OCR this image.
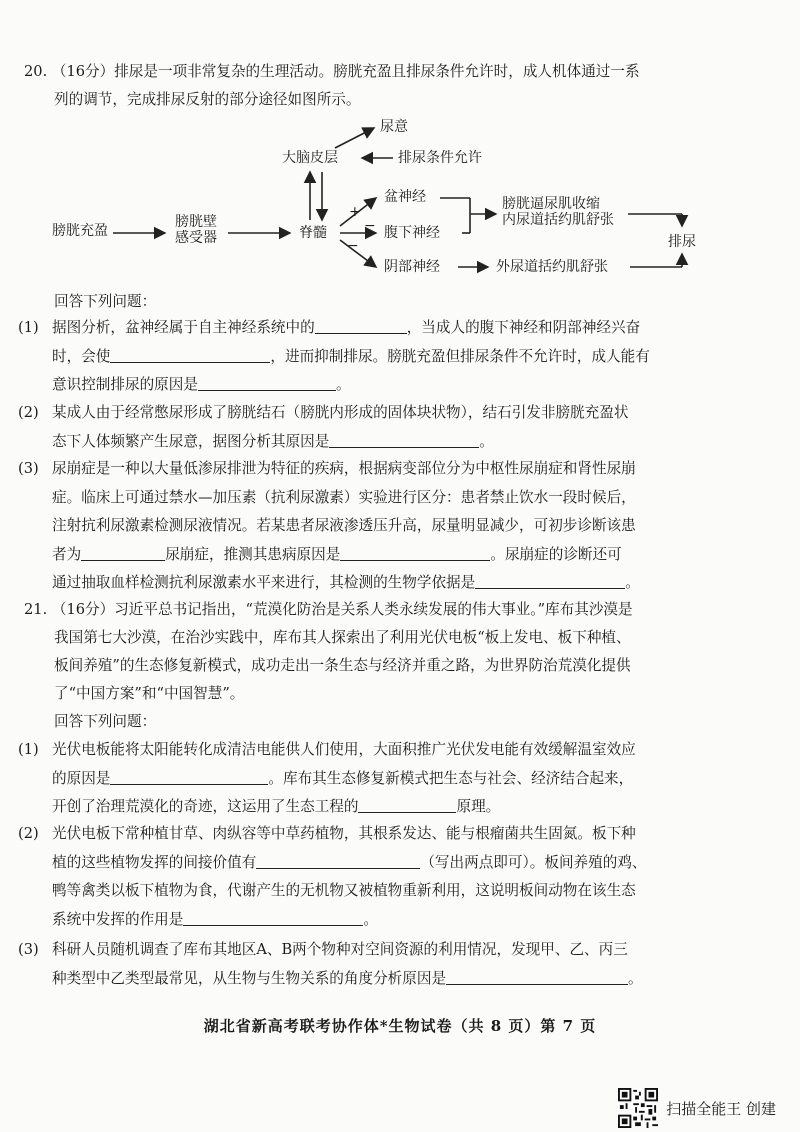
20. （16分）排尿是一项非常复杂的生理活动。膀胱充盈且排尿条件允许时，成人机体通过一系
列的调节，完成排尿反射的部分途径如图所示。
膀胱充盈
膀胱壁
感受器	脊髓
大脑皮层
尿意
排尿条件允许
盆神经
腹下神经
阴部神经
膀胱逼尿肌收缩
内尿道括约肌舒张
外尿道括约肌舒张
排尿
+
−
−
回答下列问题：
(1) 据图分析，盆神经属于自主神经系统中的	，当成人的腹下神经和阴部神经兴奋
时，会使	，进而抑制排尿。膀胱充盈但排尿条件不允许时，成人能有
意识控制排尿的原因是	。
(2) 某成人由于经常憋尿形成了膀胱结石（膀胱内形成的固体块状物），结石引发非膀胱充盈状
态下人体频繁产生尿意，据图分析其原因是	。
(3) 尿崩症是一种以大量低渗尿排泄为特征的疾病，根据病变部位分为中枢性尿崩症和肾性尿崩
症。临床上可通过禁水—加压素（抗利尿激素）实验进行区分：患者禁止饮水一段时候后，
注射抗利尿激素检测尿液情况。若某患者尿液渗透压升高，尿量明显减少，可初步诊断该患
者为	尿崩症，推测其患病原因是	。尿崩症的诊断还可
通过抽取血样检测抗利尿激素水平来进行，其检测的生物学依据是	。
21. （16分）习近平总书记指出，“荒漠化防治是关系人类永续发展的伟大事业。”库布其沙漠是
我国第七大沙漠，在治沙实践中，库布其人探索出了利用光伏电板“板上发电、板下种植、
板间养殖”的生态修复新模式，成功走出一条生态与经济并重之路，为世界防治荒漠化提供
了“中国方案”和“中国智慧”。
回答下列问题：
(1) 光伏电板能将太阳能转化成清洁电能供人们使用，大面积推广光伏发电能有效缓解温室效应
的原因是	。库布其生态修复新模式把生态与社会、经济结合起来，
开创了治理荒漠化的奇迹，这运用了生态工程的	原理。
(2) 光伏电板下常种植甘草、肉纵容等中草药植物，其根系发达、能与根瘤菌共生固氮。板下种
植的这些植物发挥的间接价值有	（写出两点即可）。板间养殖的鸡、
鸭等禽类以板下植物为食，代谢产生的无机物又被植物重新利用，这说明板间动物在该生态
系统中发挥的作用是	。
(3) 科研人员随机调查了库布其地区A、B两个物种对空间资源的利用情况，发现甲、乙、丙三
种类型中乙类型最常见，从生物与生物关系的角度分析原因是	。
湖北省新高考联考协作体*生物试卷（共 8 页）第 7 页
扫描全能王 创建
